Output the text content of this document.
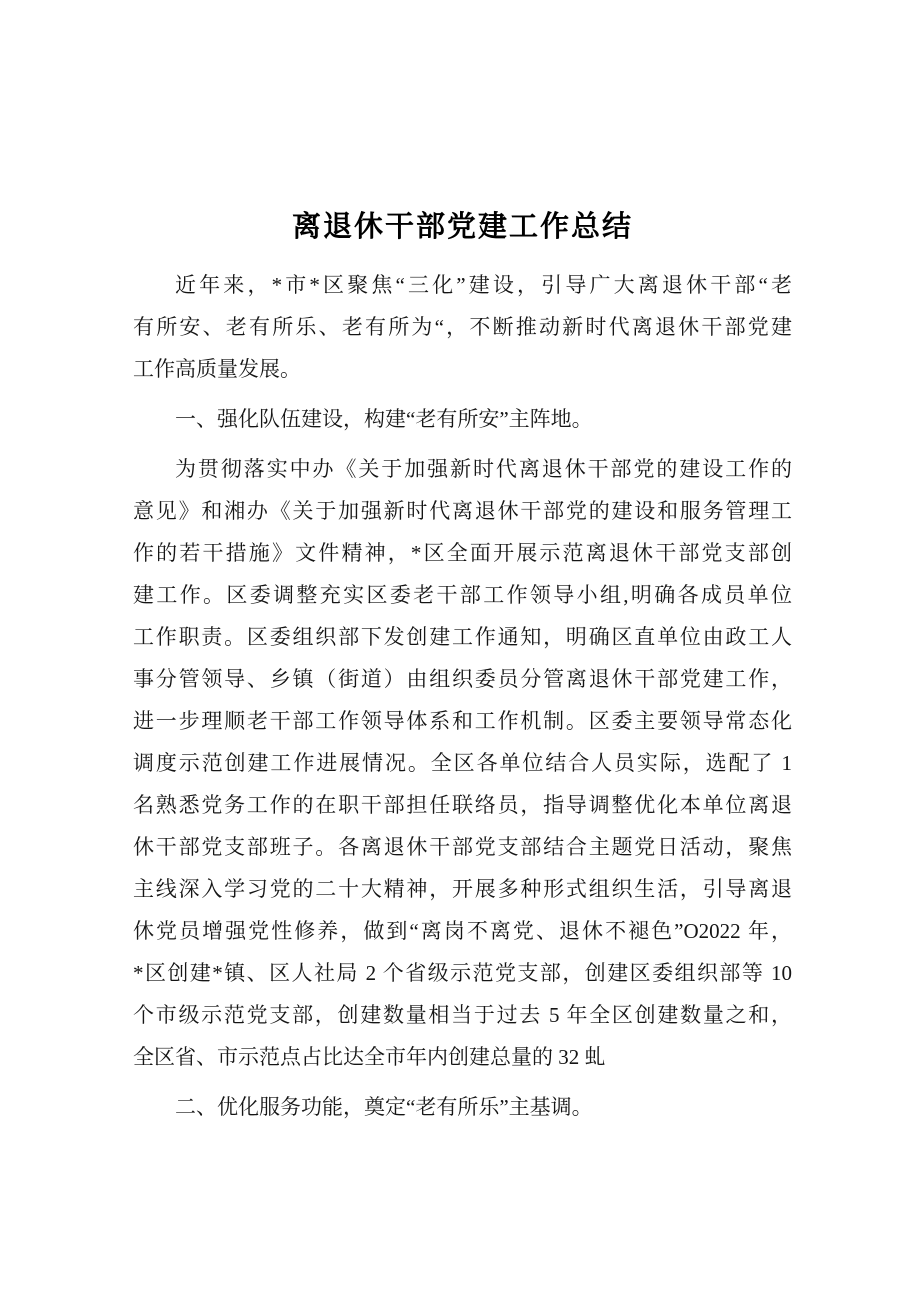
离退休干部党建工作总结
近年来，*市*区聚焦“三化”建设，引导广大离退休干部“老
有所安、老有所乐、老有所为“，不断推动新时代离退休干部党建
工作高质量发展。
一、强化队伍建设，构建“老有所安”主阵地。
为贯彻落实中办《关于加强新时代离退休干部党的建设工作的
意见》和湘办《关于加强新时代离退休干部党的建设和服务管理工
作的若干措施》文件精神，*区全面开展示范离退休干部党支部创
建工作。区委调整充实区委老干部工作领导小组,明确各成员单位
工作职责。区委组织部下发创建工作通知，明确区直单位由政工人
事分管领导、乡镇（街道）由组织委员分管离退休干部党建工作，
进一步理顺老干部工作领导体系和工作机制。区委主要领导常态化
调度示范创建工作进展情况。全区各单位结合人员实际，选配了 1
名熟悉党务工作的在职干部担任联络员，指导调整优化本单位离退
休干部党支部班子。各离退休干部党支部结合主题党日活动，聚焦
主线深入学习党的二十大精神，开展多种形式组织生活，引导离退
休党员增强党性修养，做到“离岗不离党、退休不褪色”O2022 年，
*区创建*镇、区人社局 2 个省级示范党支部，创建区委组织部等 10
个市级示范党支部，创建数量相当于过去 5 年全区创建数量之和，
全区省、市示范点占比达全市年内创建总量的 32 虬
二、优化服务功能，奠定“老有所乐”主基调。
